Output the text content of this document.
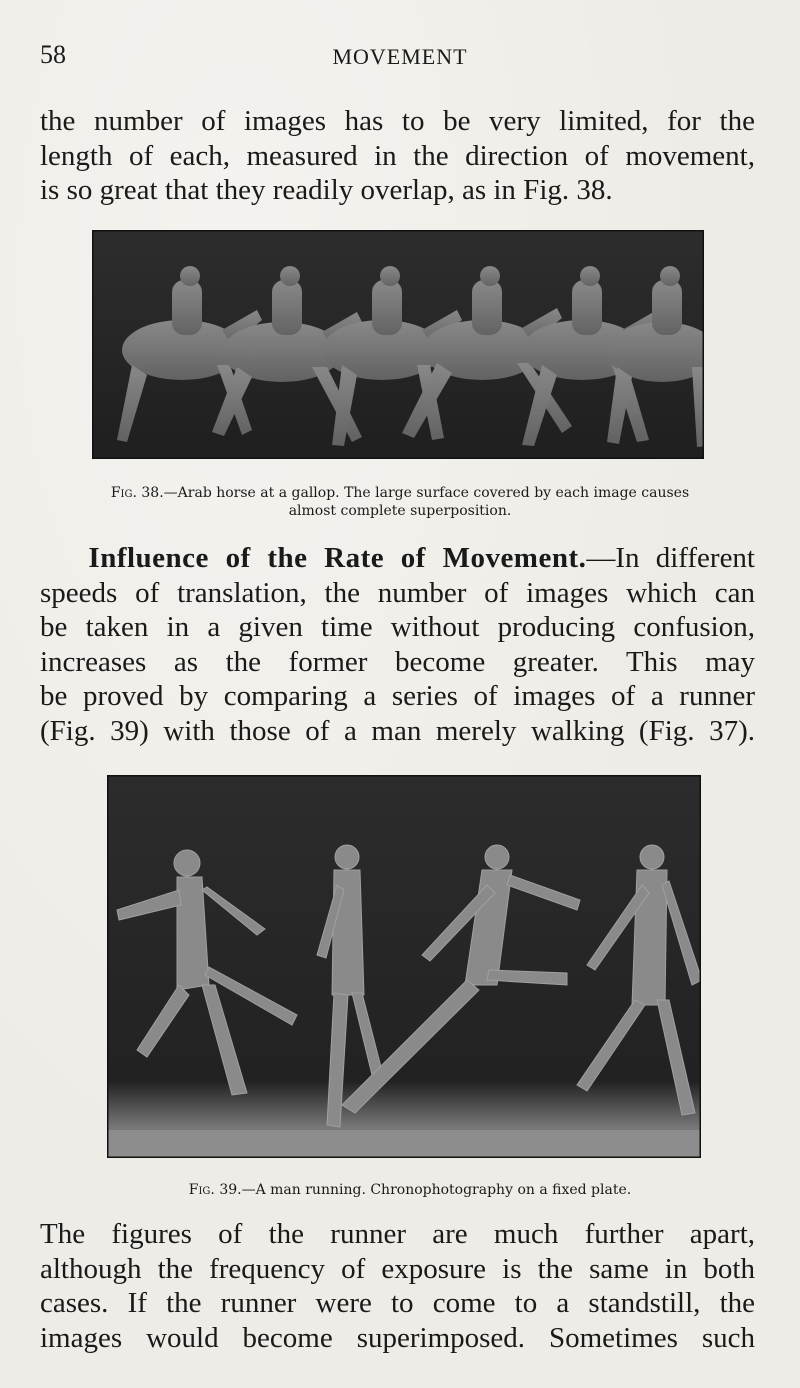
58	MOVEMENT
the number of images has to be very limited, for the
length of each, measured in the direction of movement,
is so great that they readily overlap, as in Fig. 38.
Fig. 38.—Arab horse at a gallop. The large surface covered by each image causes
almost complete superposition.
Influence of the Rate of Movement.—In different
speeds of translation, the number of images which can
be taken in a given time without producing confusion,
increases as the former become greater. This may
be proved by comparing a series of images of a runner
(Fig. 39) with those of a man merely walking (Fig. 37).
Fig. 39.—A man running. Chronophotography on a fixed plate.
The figures of the runner are much further apart,
although the frequency of exposure is the same in both
cases. If the runner were to come to a standstill, the
images would become superimposed. Sometimes such
